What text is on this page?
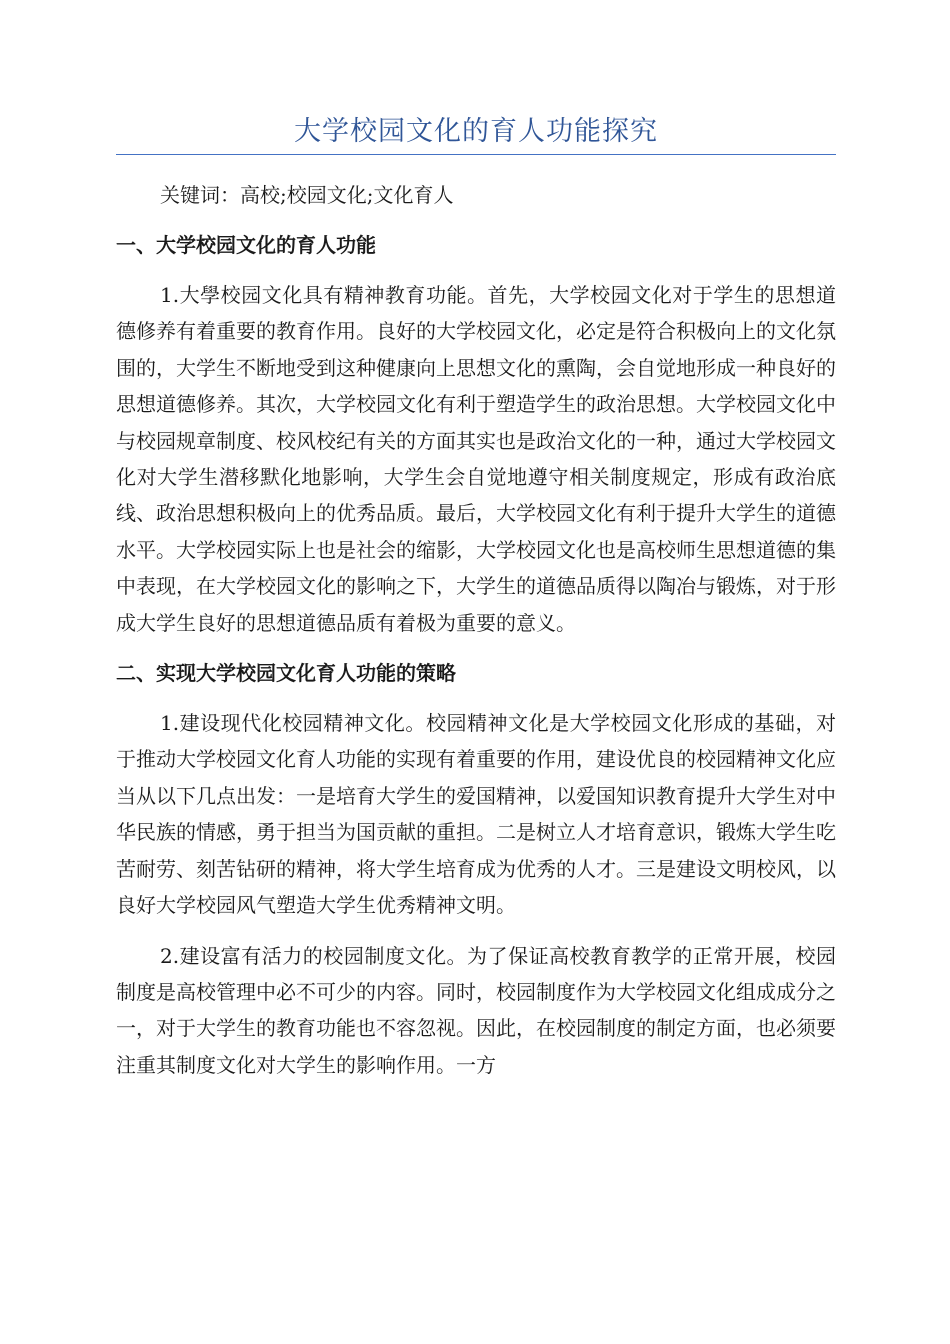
大学校园文化的育人功能探究

关键词：高校;校园文化;文化育人

一、大学校园文化的育人功能

1.大學校园文化具有精神教育功能。首先，大学校园文化对于学生的思想道德修养有着重要的教育作用。良好的大学校园文化，必定是符合积极向上的文化氛围的，大学生不断地受到这种健康向上思想文化的熏陶，会自觉地形成一种良好的思想道德修养。其次，大学校园文化有利于塑造学生的政治思想。大学校园文化中与校园规章制度、校风校纪有关的方面其实也是政治文化的一种，通过大学校园文化对大学生潜移默化地影响，大学生会自觉地遵守相关制度规定，形成有政治底线、政治思想积极向上的优秀品质。最后，大学校园文化有利于提升大学生的道德水平。大学校园实际上也是社会的缩影，大学校园文化也是高校师生思想道德的集中表现，在大学校园文化的影响之下，大学生的道德品质得以陶冶与锻炼，对于形成大学生良好的思想道德品质有着极为重要的意义。

二、实现大学校园文化育人功能的策略

1.建设现代化校园精神文化。校园精神文化是大学校园文化形成的基础，对于推动大学校园文化育人功能的实现有着重要的作用，建设优良的校园精神文化应当从以下几点出发：一是培育大学生的爱国精神，以爱国知识教育提升大学生对中华民族的情感，勇于担当为国贡献的重担。二是树立人才培育意识，锻炼大学生吃苦耐劳、刻苦钻研的精神，将大学生培育成为优秀的人才。三是建设文明校风，以良好大学校园风气塑造大学生优秀精神文明。

2.建设富有活力的校园制度文化。为了保证高校教育教学的正常开展，校园制度是高校管理中必不可少的内容。同时，校园制度作为大学校园文化组成成分之一，对于大学生的教育功能也不容忽视。因此，在校园制度的制定方面，也必须要注重其制度文化对大学生的影响作用。一方
